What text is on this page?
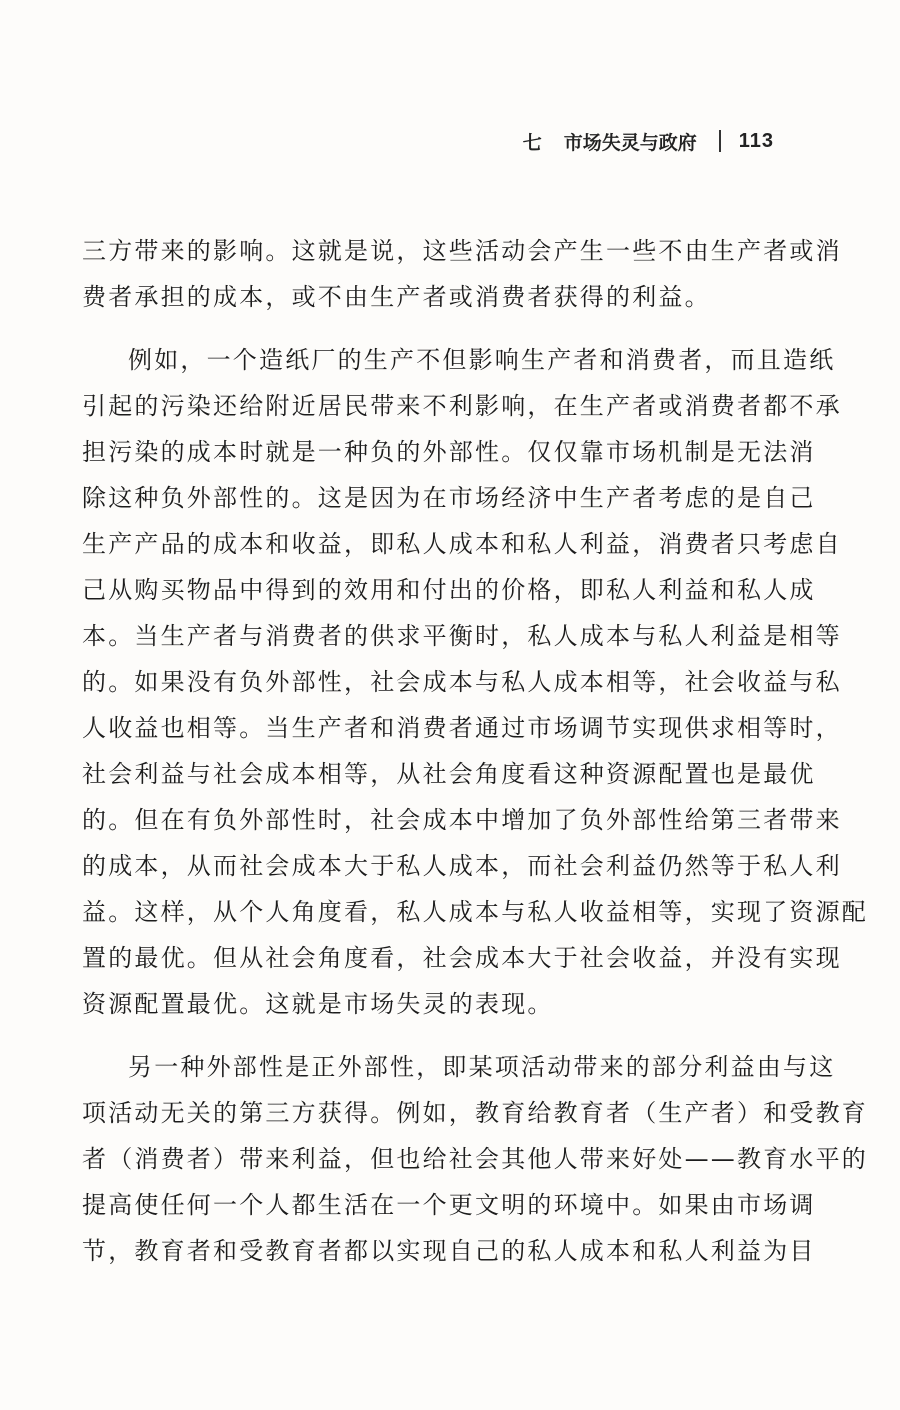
七 市场失灵与政府 113
三方带来的影响。这就是说，这些活动会产生一些不由生产者或消
费者承担的成本，或不由生产者或消费者获得的利益。
例如，一个造纸厂的生产不但影响生产者和消费者，而且造纸
引起的污染还给附近居民带来不利影响，在生产者或消费者都不承
担污染的成本时就是一种负的外部性。仅仅靠市场机制是无法消
除这种负外部性的。这是因为在市场经济中生产者考虑的是自己
生产产品的成本和收益，即私人成本和私人利益，消费者只考虑自
己从购买物品中得到的效用和付出的价格，即私人利益和私人成
本。当生产者与消费者的供求平衡时，私人成本与私人利益是相等
的。如果没有负外部性，社会成本与私人成本相等，社会收益与私
人收益也相等。当生产者和消费者通过市场调节实现供求相等时，
社会利益与社会成本相等，从社会角度看这种资源配置也是最优
的。但在有负外部性时，社会成本中增加了负外部性给第三者带来
的成本，从而社会成本大于私人成本，而社会利益仍然等于私人利
益。这样，从个人角度看，私人成本与私人收益相等，实现了资源配
置的最优。但从社会角度看，社会成本大于社会收益，并没有实现
资源配置最优。这就是市场失灵的表现。
另一种外部性是正外部性，即某项活动带来的部分利益由与这
项活动无关的第三方获得。例如，教育给教育者（生产者）和受教育
者（消费者）带来利益，但也给社会其他人带来好处——教育水平的
提高使任何一个人都生活在一个更文明的环境中。如果由市场调
节，教育者和受教育者都以实现自己的私人成本和私人利益为目
